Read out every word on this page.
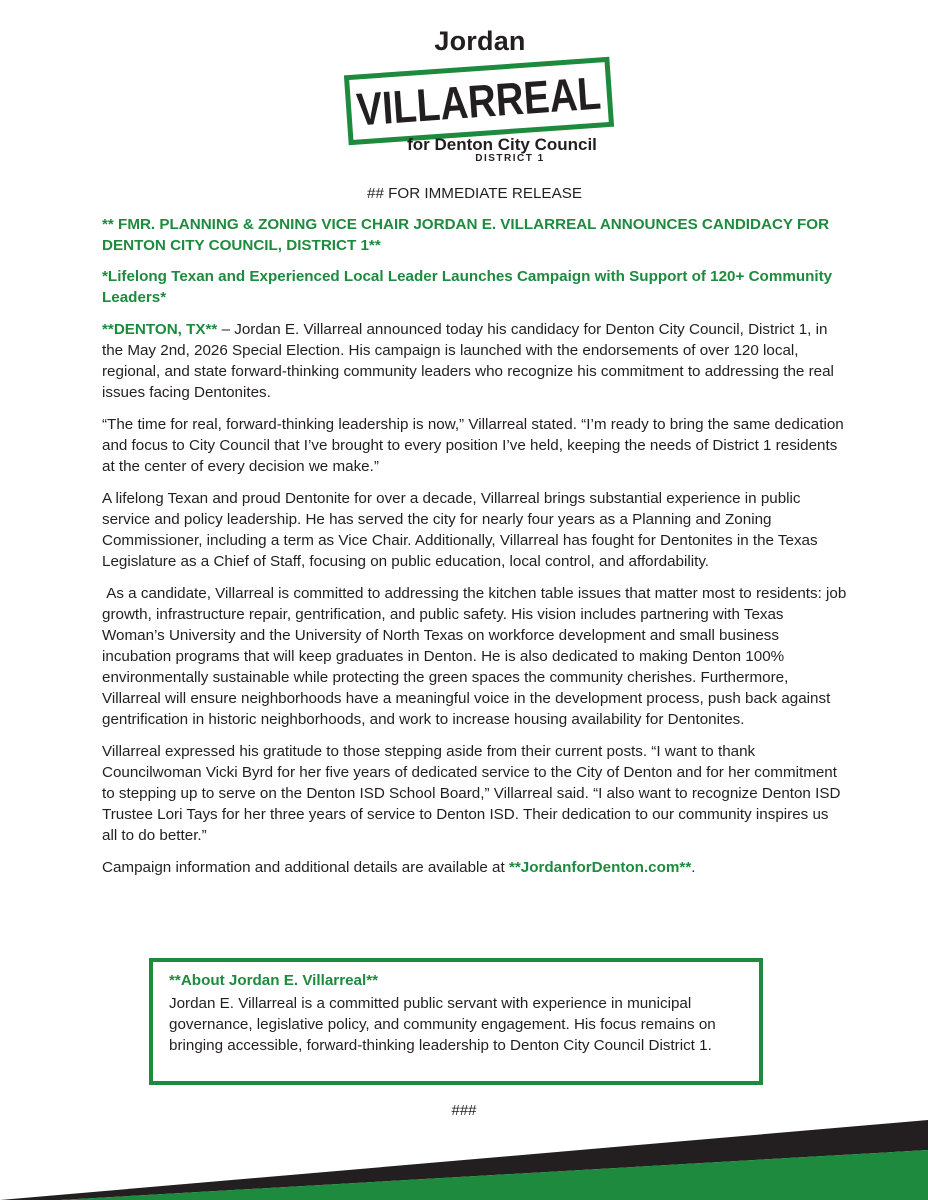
Jordan
VILLARREAL
for Denton City Council
DISTRICT 1
## FOR IMMEDIATE RELEASE
** FMR. PLANNING & ZONING VICE CHAIR JORDAN E. VILLARREAL ANNOUNCES CANDIDACY FOR DENTON CITY COUNCIL, DISTRICT 1**
*Lifelong Texan and Experienced Local Leader Launches Campaign with Support of 120+ Community Leaders*

**DENTON, TX** – Jordan E. Villarreal announced today his candidacy for Denton City Council, District 1, in the May 2nd, 2026 Special Election. His campaign is launched with the endorsements of over 120 local, regional, and state forward-thinking community leaders who recognize his commitment to addressing the real issues facing Dentonites.

“The time for real, forward-thinking leadership is now,” Villarreal stated. “I’m ready to bring the same dedication and focus to City Council that I’ve brought to every position I’ve held, keeping the needs of District 1 residents at the center of every decision we make.”

A lifelong Texan and proud Dentonite for over a decade, Villarreal brings substantial experience in public service and policy leadership. He has served the city for nearly four years as a Planning and Zoning Commissioner, including a term as Vice Chair. Additionally, Villarreal has fought for Dentonites in the Texas Legislature as a Chief of Staff, focusing on public education, local control, and affordability.

As a candidate, Villarreal is committed to addressing the kitchen table issues that matter most to residents: job growth, infrastructure repair, gentrification, and public safety. His vision includes partnering with Texas Woman’s University and the University of North Texas on workforce development and small business incubation programs that will keep graduates in Denton. He is also dedicated to making Denton 100% environmentally sustainable while protecting the green spaces the community cherishes. Furthermore, Villarreal will ensure neighborhoods have a meaningful voice in the development process, push back against gentrification in historic neighborhoods, and work to increase housing availability for Dentonites.

Villarreal expressed his gratitude to those stepping aside from their current posts. “I want to thank Councilwoman Vicki Byrd for her five years of dedicated service to the City of Denton and for her commitment to stepping up to serve on the Denton ISD School Board,” Villarreal said. “I also want to recognize Denton ISD Trustee Lori Tays for her three years of service to Denton ISD. Their dedication to our community inspires us all to do better.”

Campaign information and additional details are available at **JordanforDenton.com**.

**About Jordan E. Villarreal**

Jordan E. Villarreal is a committed public servant with experience in municipal governance, legislative policy, and community engagement. His focus remains on bringing accessible, forward-thinking leadership to Denton City Council District 1.

###
